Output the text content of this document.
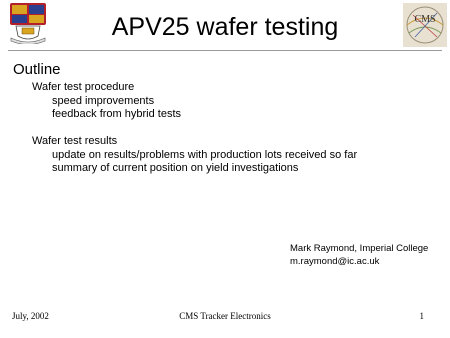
CMS
APV25 wafer testing
Outline
Wafer test procedure
speed improvements
feedback from hybrid tests
Wafer test results
update on results/problems with production lots received so far
summary of current position on yield investigations
Mark Raymond, Imperial College
m.raymond@ic.ac.uk
July, 2002	CMS Tracker Electronics	1
